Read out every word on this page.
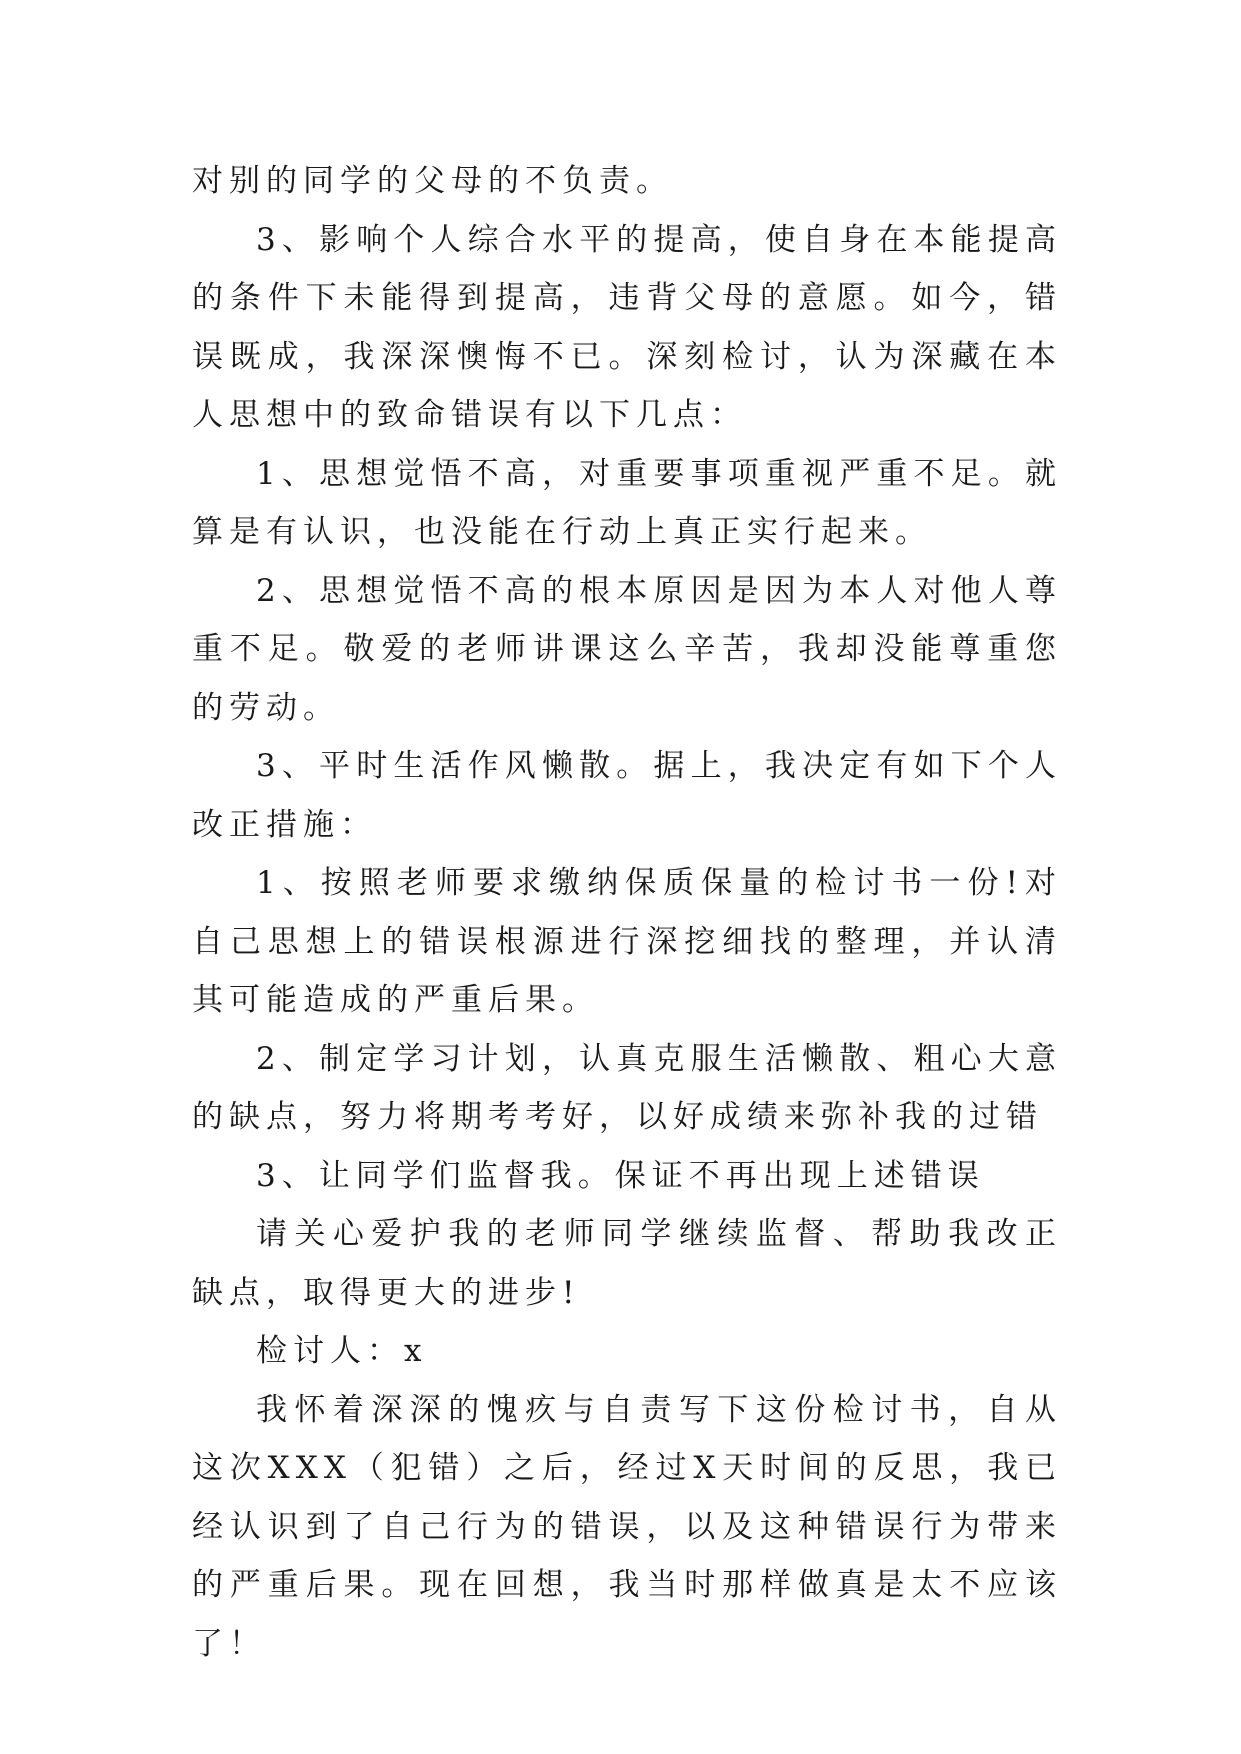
对别的同学的父母的不负责。

3、影响个人综合水平的提高，使自身在本能提高的条件下未能得到提高，违背父母的意愿。如今，错误既成，我深深懊悔不已。深刻检讨，认为深藏在本人思想中的致命错误有以下几点：

1、思想觉悟不高，对重要事项重视严重不足。就算是有认识，也没能在行动上真正实行起来。

2、思想觉悟不高的根本原因是因为本人对他人尊重不足。敬爱的老师讲课这么辛苦，我却没能尊重您的劳动。

3、平时生活作风懒散。据上，我决定有如下个人改正措施：

1、按照老师要求缴纳保质保量的检讨书一份!对自己思想上的错误根源进行深挖细找的整理，并认清其可能造成的严重后果。

2、制定学习计划，认真克服生活懒散、粗心大意的缺点，努力将期考考好，以好成绩来弥补我的过错

3、让同学们监督我。保证不再出现上述错误

请关心爱护我的老师同学继续监督、帮助我改正缺点，取得更大的进步!

检讨人：x

我怀着深深的愧疚与自责写下这份检讨书，自从这次XXX（犯错）之后，经过X天时间的反思，我已经认识到了自己行为的错误，以及这种错误行为带来的严重后果。现在回想，我当时那样做真是太不应该了！
